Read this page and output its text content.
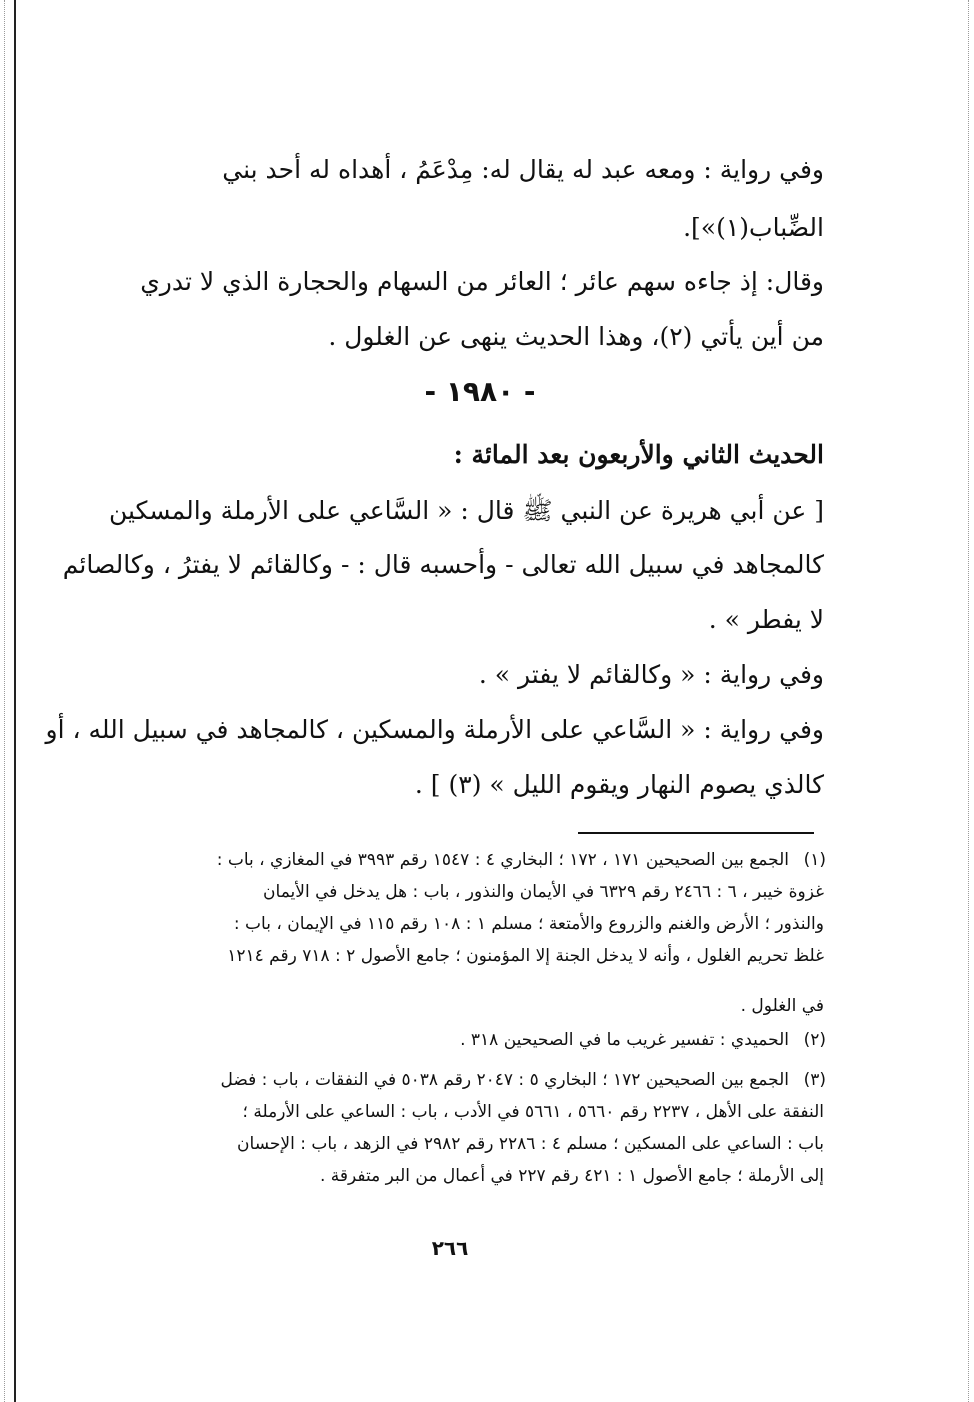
وفي رواية : ومعه عبد له يقال له: مِدْعَمُ ، أهداه له أحد بني
الضِّباب(١)»].
وقال: إذ جاءه سهم عائر ؛ العائر من السهام والحجارة الذي لا تدري
من أين يأتي (٢)، وهذا الحديث ينهى عن الغلول .
- ١٩٨٠ -
الحديث الثاني والأربعون بعد المائة :
[ عن أبي هريرة عن النبي ﷺ قال : « السَّاعي على الأرملة والمسكين
كالمجاهد في سبيل الله تعالى - وأحسبه قال : - وكالقائم لا يفترُ ، وكالصائم
لا يفطر » .
وفي رواية : « وكالقائم لا يفتر » .
وفي رواية : « السَّاعي على الأرملة والمسكين ، كالمجاهد في سبيل الله ، أو
كالذي يصوم النهار ويقوم الليل » (٣) ] .
(١)
الجمع بين الصحيحين ١٧١ ، ١٧٢ ؛ البخاري ٤ : ١٥٤٧ رقم ٣٩٩٣ في المغازي ، باب :
غزوة خيبر ، ٦ : ٢٤٦٦ رقم ٦٣٢٩ في الأيمان والنذور ، باب : هل يدخل في الأيمان
والنذور ؛ الأرض والغنم والزروع والأمتعة ؛ مسلم ١ : ١٠٨ رقم ١١٥ في الإيمان ، باب :
غلظ تحريم الغلول ، وأنه لا يدخل الجنة إلا المؤمنون ؛ جامع الأصول ٢ : ٧١٨ رقم ١٢١٤
في الغلول .
(٢)
الحميدي : تفسير غريب ما في الصحيحين ٣١٨ .
(٣)
الجمع بين الصحيحين ١٧٢ ؛ البخاري ٥ : ٢٠٤٧ رقم ٥٠٣٨ في النفقات ، باب : فضل
النفقة على الأهل ، ٢٢٣٧ رقم ٥٦٦٠ ، ٥٦٦١ في الأدب ، باب : الساعي على الأرملة ؛
باب : الساعي على المسكين ؛ مسلم ٤ : ٢٢٨٦ رقم ٢٩٨٢ في الزهد ، باب : الإحسان
إلى الأرملة ؛ جامع الأصول ١ : ٤٢١ رقم ٢٢٧ في أعمال من البر متفرقة .
٢٦٦
